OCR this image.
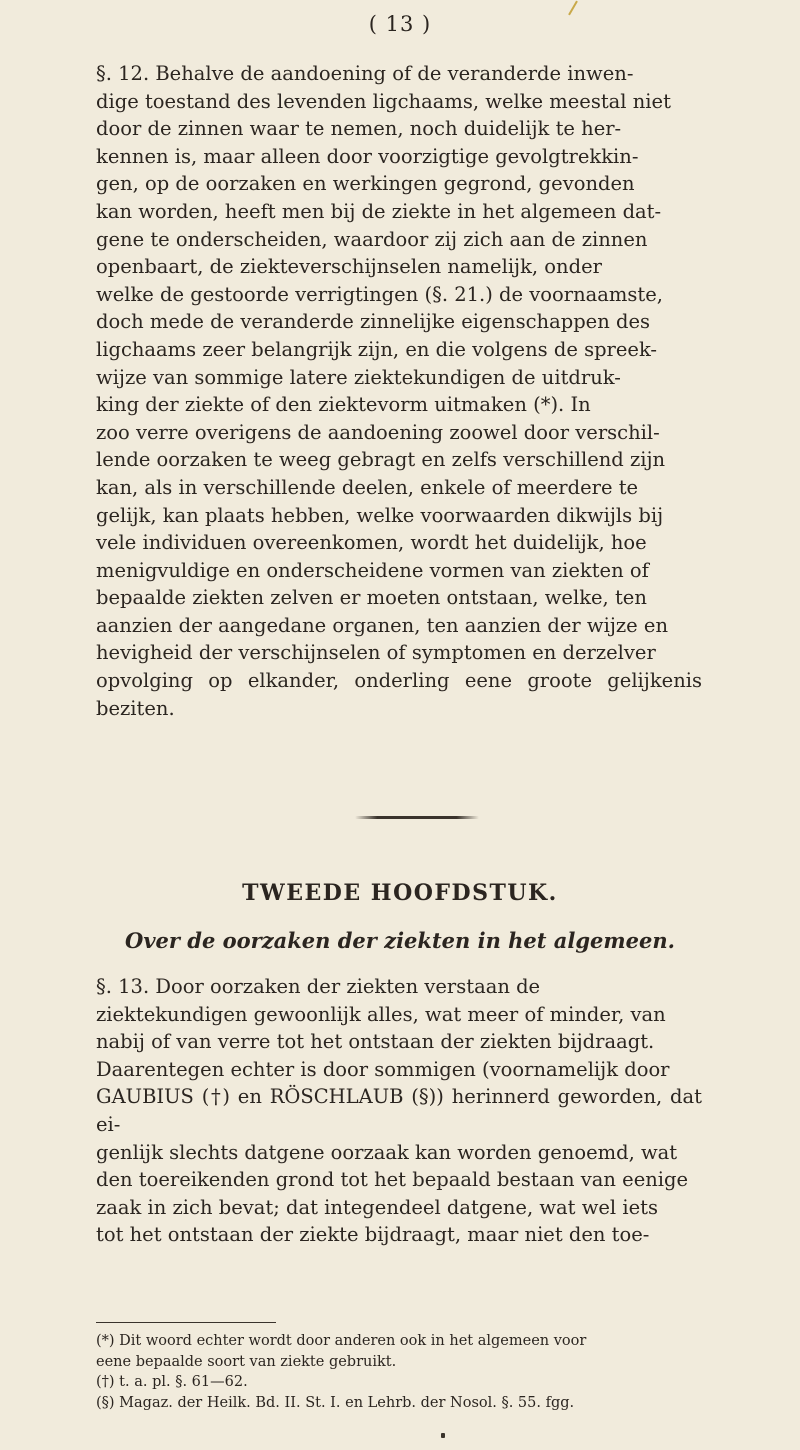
( 13 )
§. 12. Behalve de aandoening of de veranderde inwen-
dige toestand des levenden ligchaams, welke meestal niet
door de zinnen waar te nemen, noch duidelijk te her-
kennen is, maar alleen door voorzigtige gevolgtrekkin-
gen, op de oorzaken en werkingen gegrond, gevonden
kan worden, heeft men bij de ziekte in het algemeen dat-
gene te onderscheiden, waardoor zij zich aan de zinnen
openbaart, de ziekteverschijnselen namelijk, onder
welke de gestoorde verrigtingen (§. 21.) de voornaamste,
doch mede de veranderde zinnelijke eigenschappen des
ligchaams zeer belangrijk zijn, en die volgens de spreek-
wijze van sommige latere ziektekundigen de uitdruk-
king der ziekte of den ziektevorm uitmaken (*). In
zoo verre overigens de aandoening zoowel door verschil-
lende oorzaken te weeg gebragt en zelfs verschillend zijn
kan, als in verschillende deelen, enkele of meerdere te
gelijk, kan plaats hebben, welke voorwaarden dikwijls bij
vele individuen overeenkomen, wordt het duidelijk, hoe
menigvuldige en onderscheidene vormen van ziekten of
bepaalde ziekten zelven er moeten ontstaan, welke, ten
aanzien der aangedane organen, ten aanzien der wijze en
hevigheid der verschijnselen of symptomen en derzelver
opvolging op elkander, onderling eene groote gelijkenis beziten.
TWEEDE HOOFDSTUK.
Over de oorzaken der ziekten in het algemeen.
§. 13. Door oorzaken der ziekten verstaan de
ziektekundigen gewoonlijk alles, wat meer of minder, van
nabij of van verre tot het ontstaan der ziekten bijdraagt.
Daarentegen echter is door sommigen (voornamelijk door
GAUBIUS (†) en RÖSCHLAUB (§)) herinnerd geworden, dat ei-
genlijk slechts datgene oorzaak kan worden genoemd, wat
den toereikenden grond tot het bepaald bestaan van eenige
zaak in zich bevat; dat integendeel datgene, wat wel iets
tot het ontstaan der ziekte bijdraagt, maar niet den toe-
(*) Dit woord echter wordt door anderen ook in het algemeen voor
eene bepaalde soort van ziekte gebruikt.
(†) t. a. pl. §. 61—62.
(§) Magaz. der Heilk. Bd. II. St. I. en Lehrb. der Nosol. §. 55. fgg.
